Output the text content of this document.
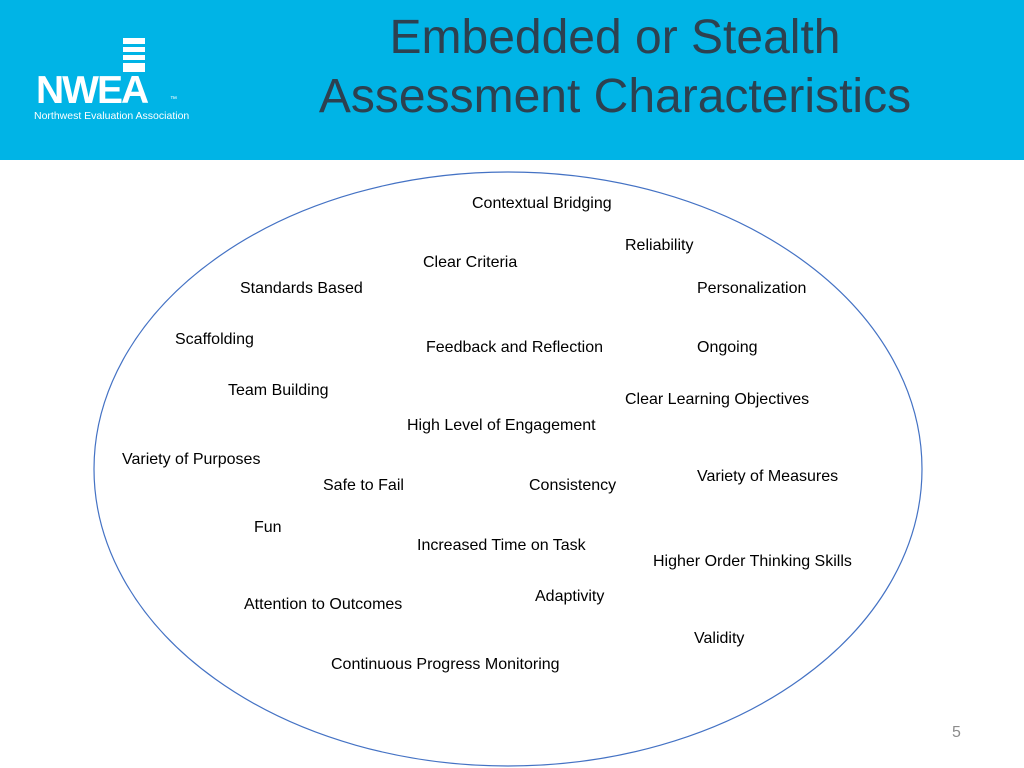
NWEA	™
Northwest Evaluation Association
Embedded or Stealth
Assessment Characteristics
Contextual Bridging
Reliability
Clear Criteria
Standards Based	Personalization
Scaffolding	Feedback and Reflection	Ongoing
Team Building
Clear Learning Objectives
High Level of Engagement
Variety of Purposes
Variety of Measures
Safe to Fail	Consistency
Fun
Increased Time on Task
Higher Order Thinking Skills
Adaptivity
Attention to Outcomes
Validity
Continuous Progress Monitoring
5
